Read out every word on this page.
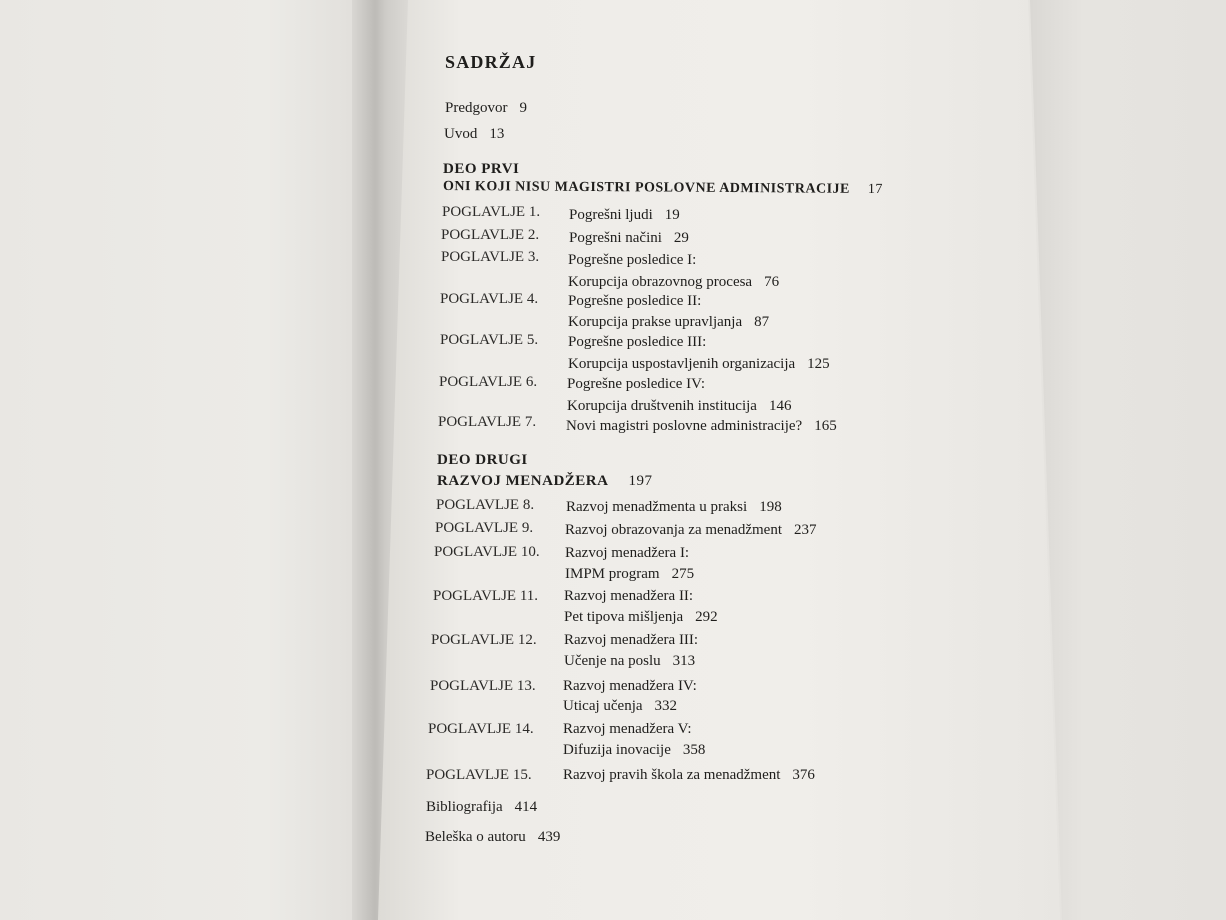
SADRŽAJ
Predgovor 9
Uvod 13
DEO PRVI
ONI KOJI NISU MAGISTRI POSLOVNE ADMINISTRACIJE 17
POGLAVLJE 1. Pogrešni ljudi 19
POGLAVLJE 2. Pogrešni načini 29
POGLAVLJE 3. Pogrešne posledice I:
Korupcija obrazovnog procesa 76
POGLAVLJE 4. Pogrešne posledice II:
Korupcija prakse upravljanja 87
POGLAVLJE 5. Pogrešne posledice III:
Korupcija uspostavljenih organizacija 125
POGLAVLJE 6. Pogrešne posledice IV:
Korupcija društvenih institucija 146
POGLAVLJE 7. Novi magistri poslovne administracije? 165
DEO DRUGI
RAZVOJ MENADŽERA 197
POGLAVLJE 8. Razvoj menadžmenta u praksi 198
POGLAVLJE 9. Razvoj obrazovanja za menadžment 237
POGLAVLJE 10. Razvoj menadžera I:
IMPM program 275
POGLAVLJE 11. Razvoj menadžera II:
Pet tipova mišljenja 292
POGLAVLJE 12. Razvoj menadžera III:
Učenje na poslu 313
POGLAVLJE 13. Razvoj menadžera IV:
Uticaj učenja 332
POGLAVLJE 14. Razvoj menadžera V:
Difuzija inovacije 358
POGLAVLJE 15. Razvoj pravih škola za menadžment 376
Bibliografija 414
Beleška o autoru 439
